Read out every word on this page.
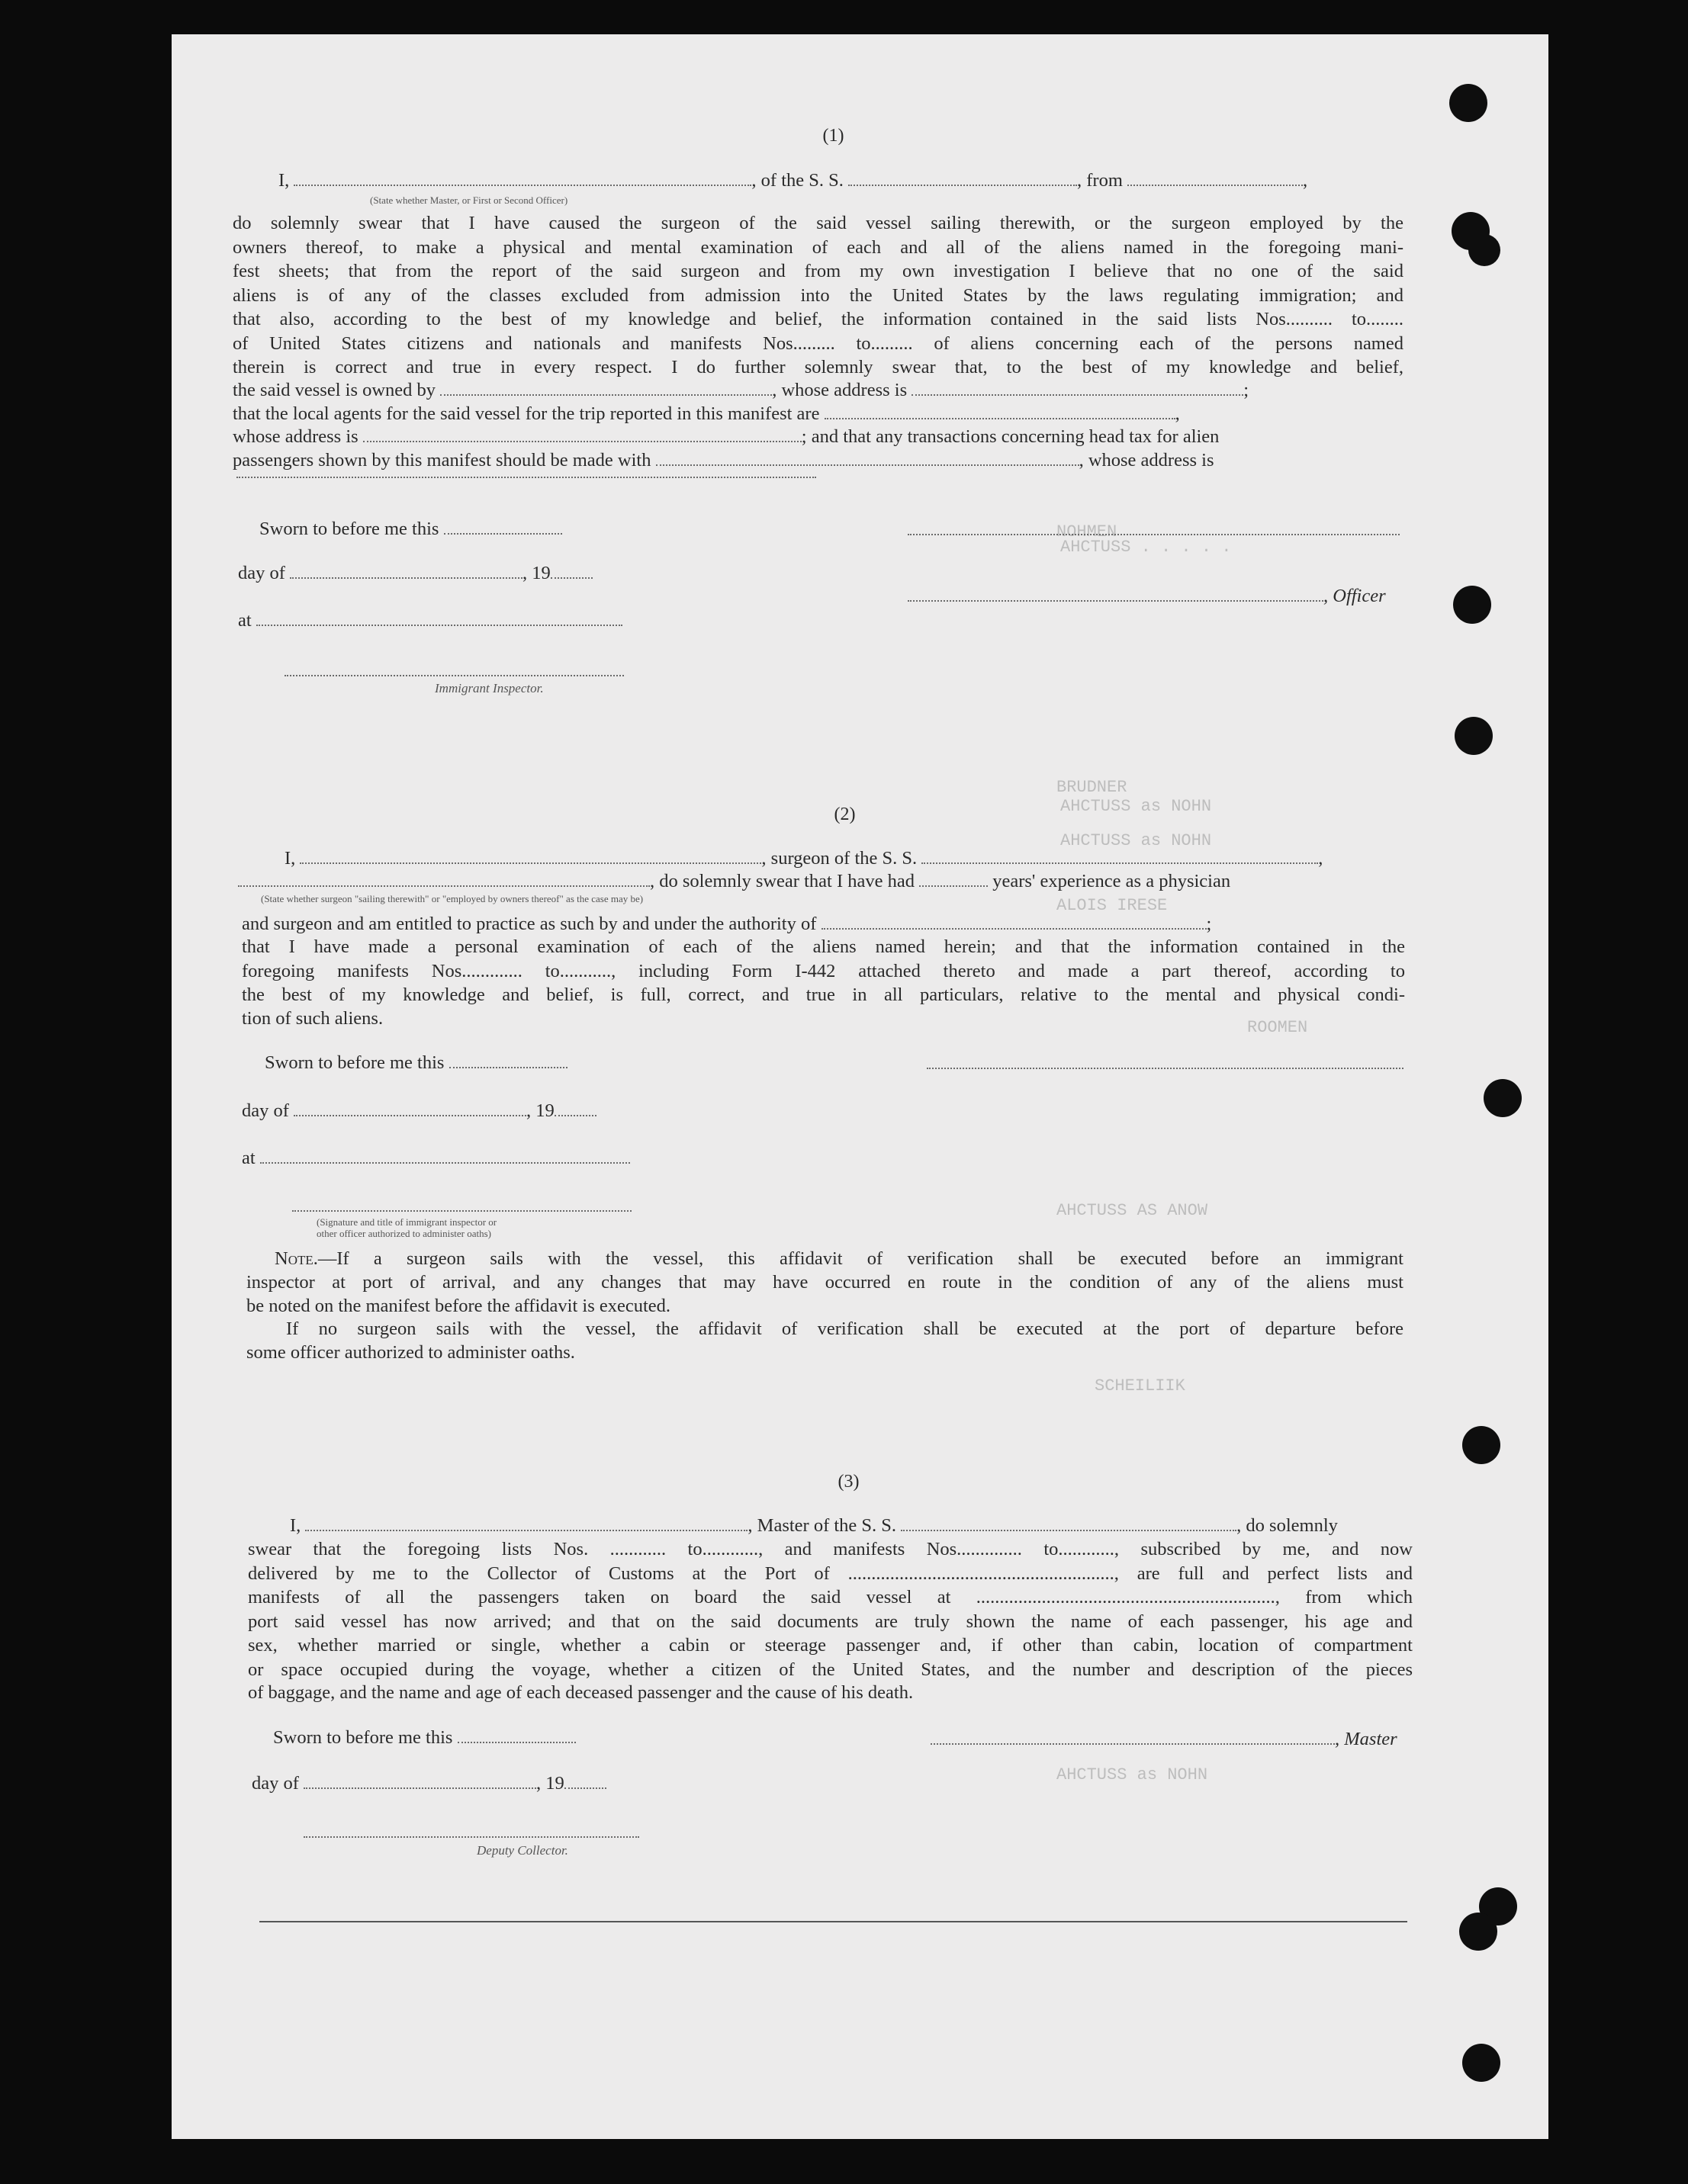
NOHMEN
AHCTUSS . . . . .
BRUDNER
AHCTUSS as NOHN
AHCTUSS as NOHN
SCHEILIIK
ROOMEN
AHCTUSS as NOHN
ALOIS IRESE
AHCTUSS AS ANOW
(1)
I,	, of the S. S.	, from	,
(State whether Master, or First or Second Officer)
do solemnly swear that I have caused the surgeon of the said vessel sailing therewith, or the surgeon employed by the
owners thereof, to make a physical and mental examination of each and all of the aliens named in the foregoing mani-
fest sheets; that from the report of the said surgeon and from my own investigation I believe that no one of the said
aliens is of any of the classes excluded from admission into the United States by the laws regulating immigration; and
that also, according to the best of my knowledge and belief, the information contained in the said lists Nos.......... to........
of United States citizens and nationals and manifests Nos......... to......... of aliens concerning each of the persons named
therein is correct and true in every respect. I do further solemnly swear that, to the best of my knowledge and belief,
the said vessel is owned by	, whose address is	;
that the local agents for the said vessel for the trip reported in this manifest are	,
whose address is	; and that any transactions concerning head tax for alien
passengers shown by this manifest should be made with	, whose address is
Sworn to before me this
day of	, 19
, Officer
at
Immigrant Inspector.
(2)
I,	, surgeon of the S. S.	,
, do solemnly swear that I have had	years' experience as a physician
(State whether surgeon "sailing therewith" or "employed by owners thereof" as the case may be)
and surgeon and am entitled to practice as such by and under the authority of	;
that I have made a personal examination of each of the aliens named herein; and that the information contained in the
foregoing manifests Nos............. to..........., including Form I-442 attached thereto and made a part thereof, according to
the best of my knowledge and belief, is full, correct, and true in all particulars, relative to the mental and physical condi-
tion of such aliens.
Sworn to before me this
day of	, 19
at
(Signature and title of immigrant inspector or
other officer authorized to administer oaths)
Note.—If a surgeon sails with the vessel, this affidavit of verification shall be executed before an immigrant
inspector at port of arrival, and any changes that may have occurred en route in the condition of any of the aliens must
be noted on the manifest before the affidavit is executed.
If no surgeon sails with the vessel, the affidavit of verification shall be executed at the port of departure before
some officer authorized to administer oaths.
(3)
I,	, Master of the S. S.	, do solemnly
swear that the foregoing lists Nos. ............ to............, and manifests Nos.............. to............, subscribed by me, and now
delivered by me to the Collector of Customs at the Port of ........................................................., are full and perfect lists and
manifests of all the passengers taken on board the said vessel at ................................................................, from which
port said vessel has now arrived; and that on the said documents are truly shown the name of each passenger, his age and
sex, whether married or single, whether a cabin or steerage passenger and, if other than cabin, location of compartment
or space occupied during the voyage, whether a citizen of the United States, and the number and description of the pieces
of baggage, and the name and age of each deceased passenger and the cause of his death.
Sworn to before me this	, Master
day of	, 19
Deputy Collector.
